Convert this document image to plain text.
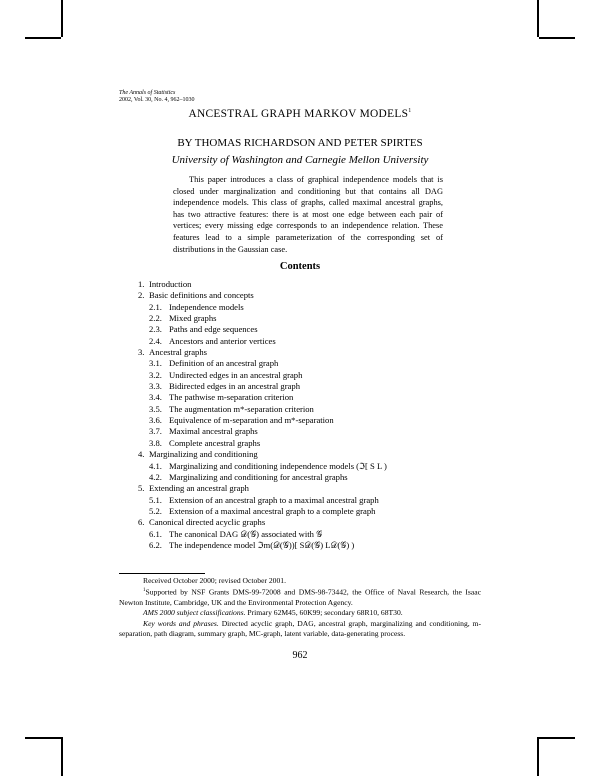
The Annals of Statistics
2002, Vol. 30, No. 4, 962–1030
ANCESTRAL GRAPH MARKOV MODELS$^1$
BY THOMAS RICHARDSON AND PETER SPIRTES
University of Washington and Carnegie Mellon University
This paper introduces a class of graphical independence models that is closed under marginalization and conditioning but that contains all DAG independence models. This class of graphs, called maximal ancestral graphs, has two attractive features: there is at most one edge between each pair of vertices; every missing edge corresponds to an independence relation. These features lead to a simple parameterization of the corresponding set of distributions in the Gaussian case.
Contents
1. Introduction
2. Basic definitions and concepts
2.1. Independence models
2.2. Mixed graphs
2.3. Paths and edge sequences
2.4. Ancestors and anterior vertices
3. Ancestral graphs
3.1. Definition of an ancestral graph
3.2. Undirected edges in an ancestral graph
3.3. Bidirected edges in an ancestral graph
3.4. The pathwise m-separation criterion
3.5. The augmentation m*-separation criterion
3.6. Equivalence of m-separation and m*-separation
3.7. Maximal ancestral graphs
3.8. Complete ancestral graphs
4. Marginalizing and conditioning
4.1. Marginalizing and conditioning independence models (ℑ[ S L )
4.2. Marginalizing and conditioning for ancestral graphs
5. Extending an ancestral graph
5.1. Extension of an ancestral graph to a maximal ancestral graph
5.2. Extension of a maximal ancestral graph to a complete graph
6. Canonical directed acyclic graphs
6.1. The canonical DAG 𝒟(𝒢) associated with 𝒢
6.2. The independence model ℑm(𝒟(𝒢))[ S𝒟(𝒢) L𝒟(𝒢) )

Received October 2000; revised October 2001.

$^1$Supported by NSF Grants DMS-99-72008 and DMS-98-73442, the Office of Naval Research, the Isaac Newton Institute, Cambridge, UK and the Environmental Protection Agency.

AMS 2000 subject classifications. Primary 62M45, 60K99; secondary 68R10, 68T30.

Key words and phrases. Directed acyclic graph, DAG, ancestral graph, marginalizing and conditioning, m-separation, path diagram, summary graph, MC-graph, latent variable, data-generating process.

962
